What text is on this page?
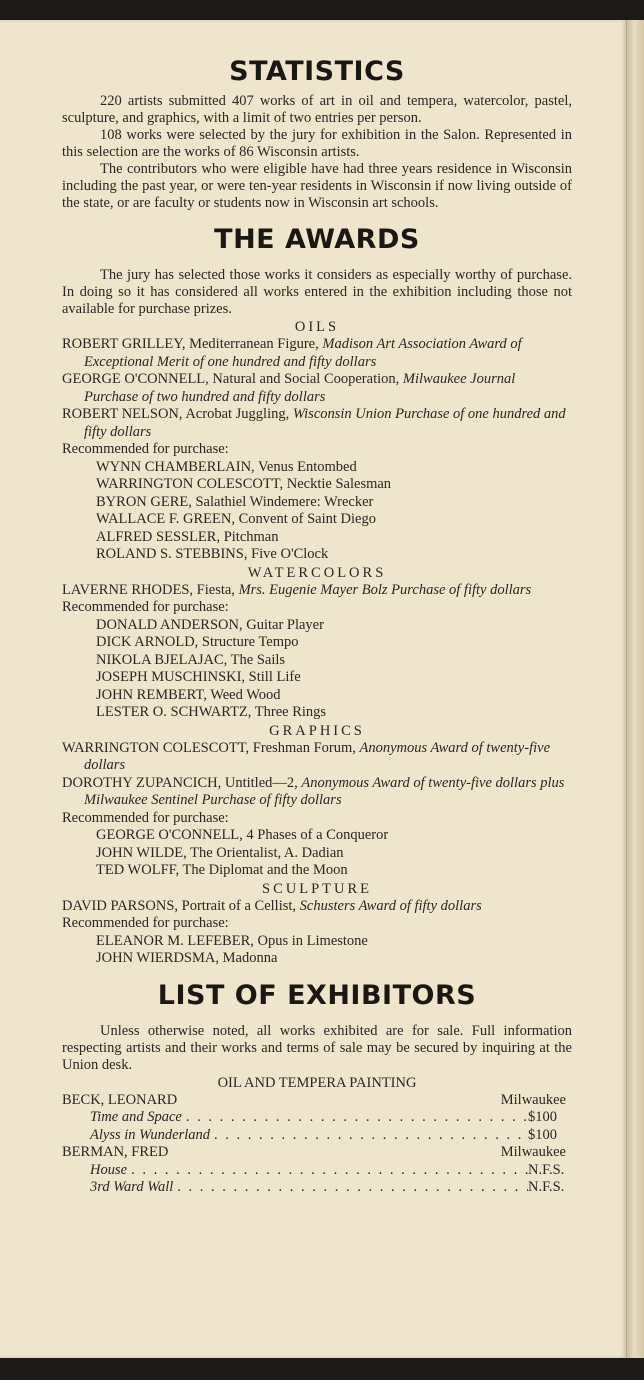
STATISTICS

220 artists submitted 407 works of art in oil and tempera, watercolor, pastel, sculpture, and graphics, with a limit of two entries per person.

108 works were selected by the jury for exhibition in the Salon. Represented in this selection are the works of 86 Wisconsin artists.

The contributors who were eligible have had three years residence in Wisconsin including the past year, or were ten-year residents in Wisconsin if now living outside of the state, or are faculty or students now in Wisconsin art schools.

THE AWARDS

The jury has selected those works it considers as especially worthy of purchase. In doing so it has considered all works entered in the exhibition including those not available for purchase prizes.

OILS
ROBERT GRILLEY, Mediterranean Figure, Madison Art Association Award of Exceptional Merit of one hundred and fifty dollars
GEORGE O'CONNELL, Natural and Social Cooperation, Milwaukee Journal Purchase of two hundred and fifty dollars
ROBERT NELSON, Acrobat Juggling, Wisconsin Union Purchase of one hundred and fifty dollars
Recommended for purchase:
WYNN CHAMBERLAIN, Venus Entombed
WARRINGTON COLESCOTT, Necktie Salesman
BYRON GERE, Salathiel Windemere: Wrecker
WALLACE F. GREEN, Convent of Saint Diego
ALFRED SESSLER, Pitchman
ROLAND S. STEBBINS, Five O'Clock
WATERCOLORS
LAVERNE RHODES, Fiesta, Mrs. Eugenie Mayer Bolz Purchase of fifty dollars
Recommended for purchase:
DONALD ANDERSON, Guitar Player
DICK ARNOLD, Structure Tempo
NIKOLA BJELAJAC, The Sails
JOSEPH MUSCHINSKI, Still Life
JOHN REMBERT, Weed Wood
LESTER O. SCHWARTZ, Three Rings
GRAPHICS
WARRINGTON COLESCOTT, Freshman Forum, Anonymous Award of twenty-five dollars
DOROTHY ZUPANCICH, Untitled—2, Anonymous Award of twenty-five dollars plus Milwaukee Sentinel Purchase of fifty dollars
Recommended for purchase:
GEORGE O'CONNELL, 4 Phases of a Conqueror
JOHN WILDE, The Orientalist, A. Dadian
TED WOLFF, The Diplomat and the Moon
SCULPTURE
DAVID PARSONS, Portrait of a Cellist, Schusters Award of fifty dollars
Recommended for purchase:
ELEANOR M. LEFEBER, Opus in Limestone
JOHN WIERDSMA, Madonna
LIST OF EXHIBITORS

Unless otherwise noted, all works exhibited are for sale. Full information respecting artists and their works and terms of sale may be secured by inquiring at the Union desk.

OIL AND TEMPERA PAINTING
BECK, LEONARD	Milwaukee
Time and Space . . .	$100
Alyss in Wunderland . . .	$100
BERMAN, FRED	Milwaukee
House . . .	N.F.S.
3rd Ward Wall . . .	N.F.S.
